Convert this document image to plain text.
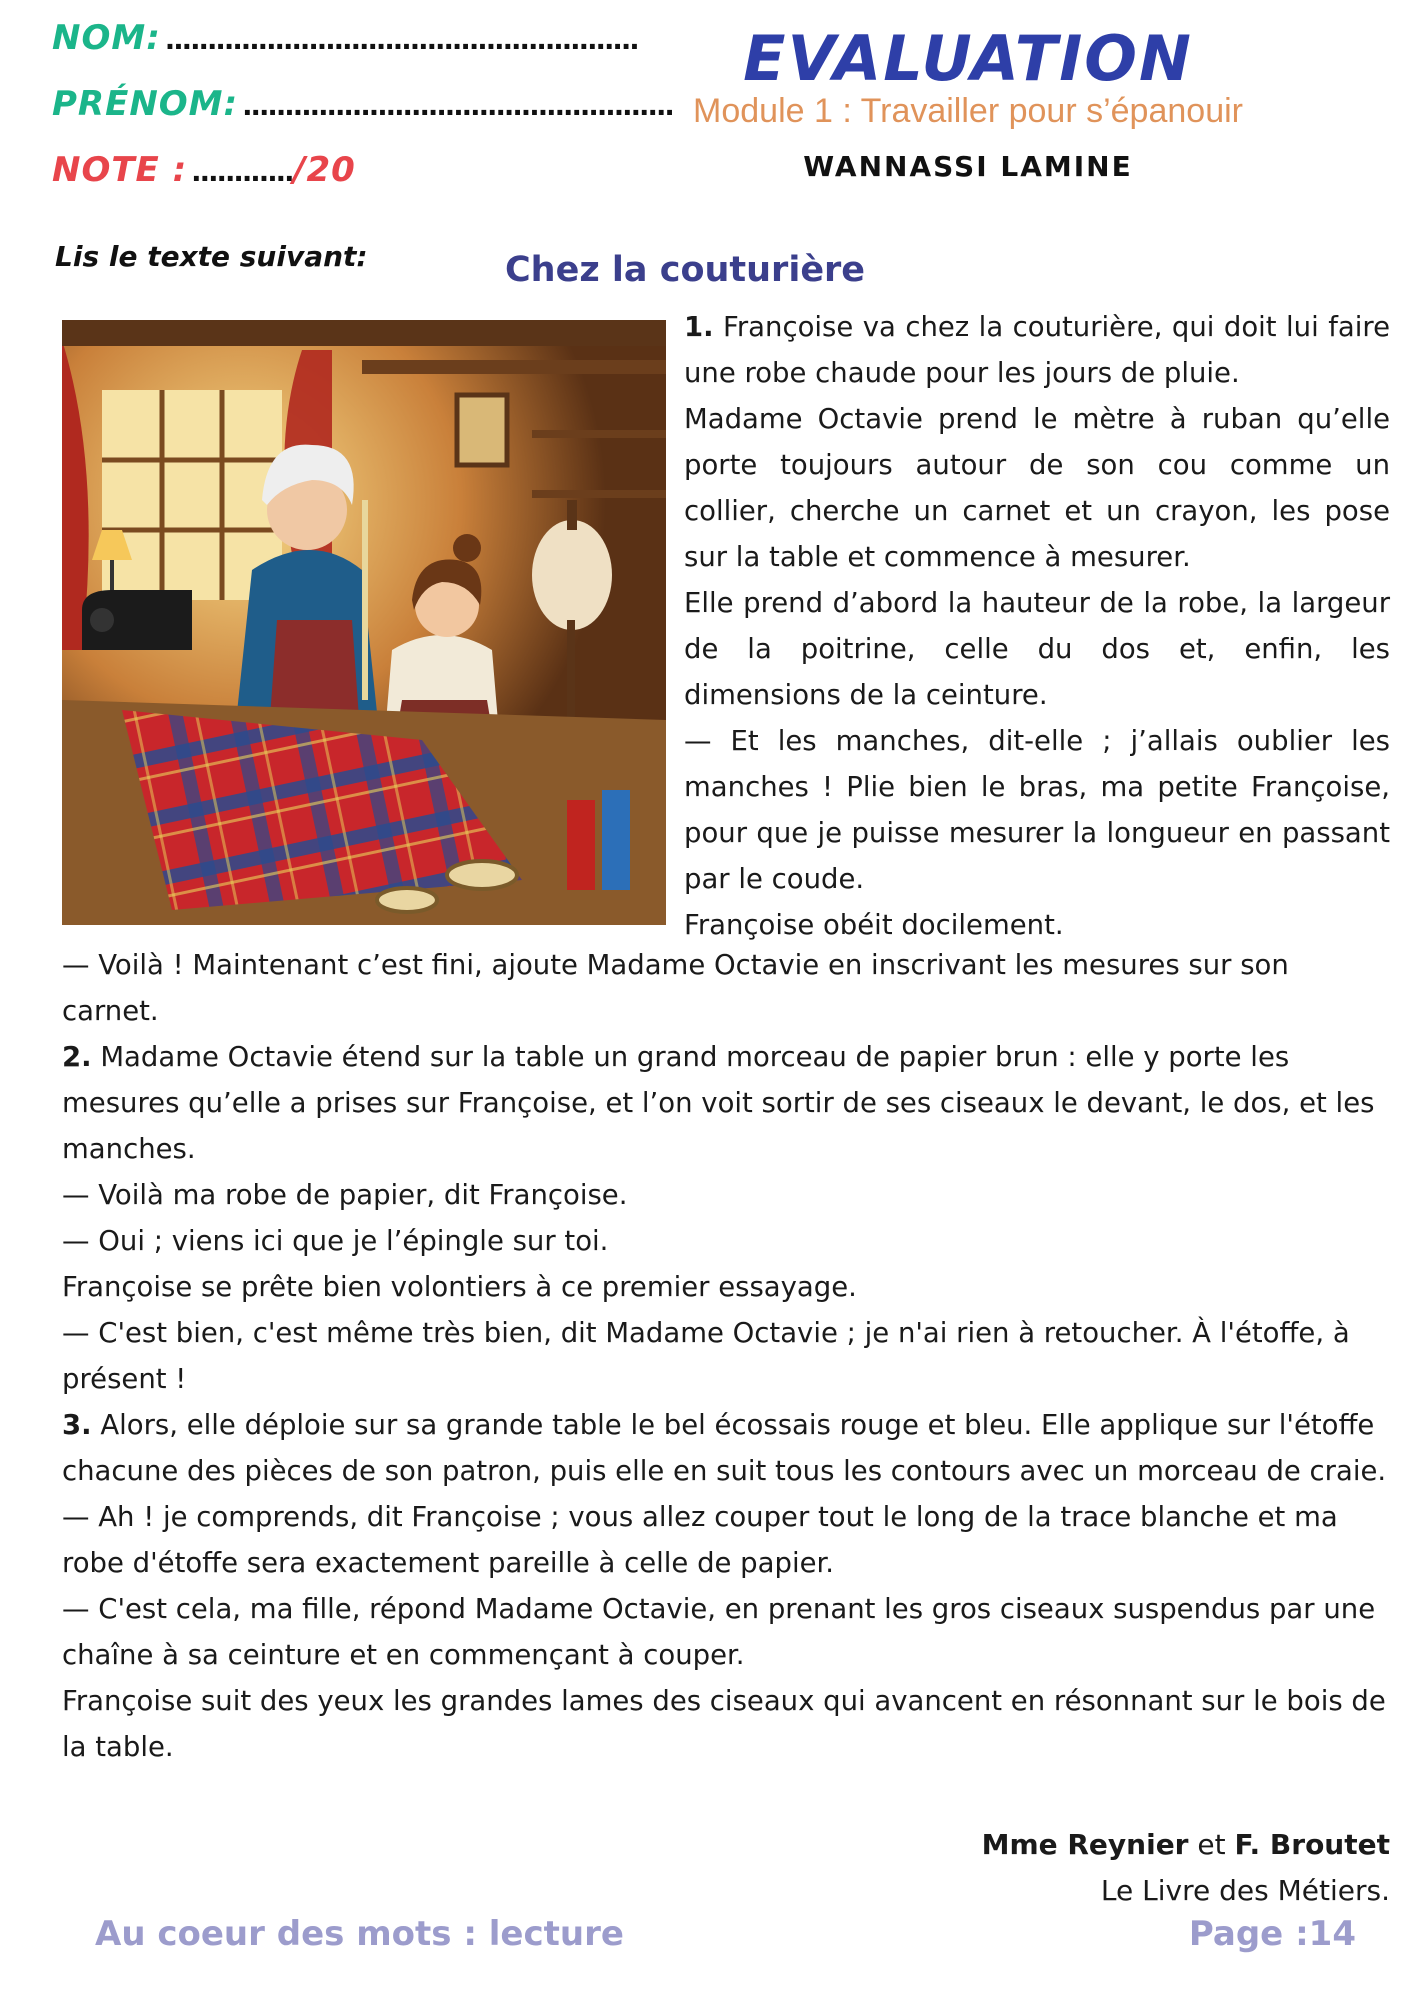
NOM: ........................................................
PRÉNOM: ...................................................
NOTE : ............/20
EVALUATION
Module 1 : Travailler pour s’épanouir
WANNASSI LAMINE
Lis le texte suivant:	Chez la couturière

1. Françoise va chez la couturière, qui doit lui faire une robe chaude pour les jours de pluie.

Madame Octavie prend le mètre à ruban qu’elle porte toujours autour de son cou comme un collier, cherche un carnet et un crayon, les pose sur la table et commence à mesurer.

Elle prend d’abord la hauteur de la robe, la largeur de la poitrine, celle du dos et, enfin, les dimensions de la ceinture.

— Et les manches, dit-elle ; j’allais oublier les manches ! Plie bien le bras, ma petite Françoise, pour que je puisse mesurer la longueur en passant par le coude.

Françoise obéit docilement.

— Voilà ! Maintenant c’est fini, ajoute Madame Octavie en inscrivant les mesures sur son carnet.

2. Madame Octavie étend sur la table un grand morceau de papier brun : elle y porte les mesures qu’elle a prises sur Françoise, et l’on voit sortir de ses ciseaux le devant, le dos, et les manches.

— Voilà ma robe de papier, dit Françoise.

— Oui ; viens ici que je l’épingle sur toi.

Françoise se prête bien volontiers à ce premier essayage.

— C'est bien, c'est même très bien, dit Madame Octavie ; je n'ai rien à retoucher. À l'étoffe, à présent !

3. Alors, elle déploie sur sa grande table le bel écossais rouge et bleu. Elle applique sur l'étoffe chacune des pièces de son patron, puis elle en suit tous les contours avec un morceau de craie.

— Ah ! je comprends, dit Françoise ; vous allez couper tout le long de la trace blanche et ma robe d'étoffe sera exactement pareille à celle de papier.

— C'est cela, ma fille, répond Madame Octavie, en prenant les gros ciseaux suspendus par une chaîne à sa ceinture et en commençant à couper.

Françoise suit des yeux les grandes lames des ciseaux qui avancent en résonnant sur le bois de la table.

Mme Reynier et F. Broutet
Le Livre des Métiers.
Au coeur des mots : lecture	Page :14
